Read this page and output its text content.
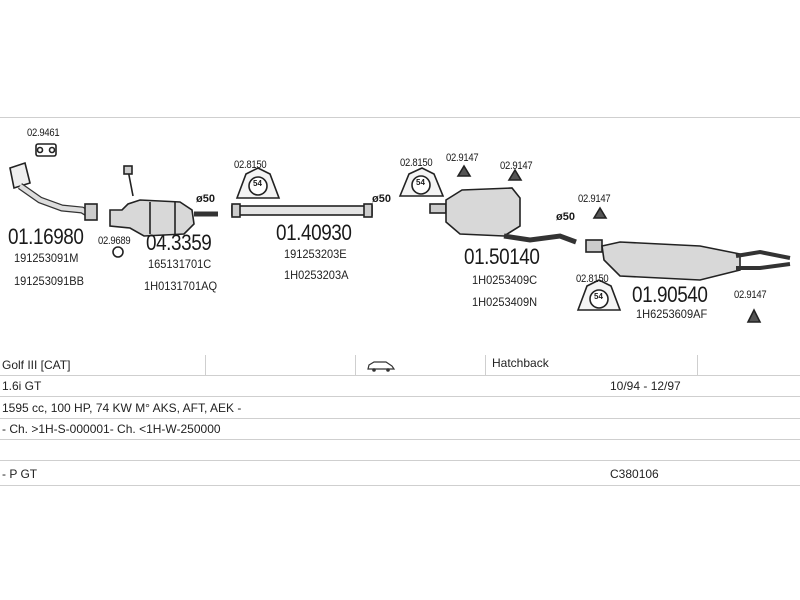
02.9461
01.16980
191253091M
191253091BB
02.9689
ø50
04.3359
165131701C
1H0131701AQ
02.8150
54
01.40930
191253203E
1H0253203A
ø50
02.8150
54
02.9147
02.9147
01.50140
1H0253409C
1H0253409N
ø50
02.9147
02.8150
54 01.90540
1H6253609AF
02.9147
Golf III [CAT]	Hatchback
1.6i GT	10/94 - 12/97
1595 cc, 100 HP, 74 KW M° AKS, AFT, AEK -
- Ch. >1H-S-000001- Ch. <1H-W-250000
- P GT	C380106
